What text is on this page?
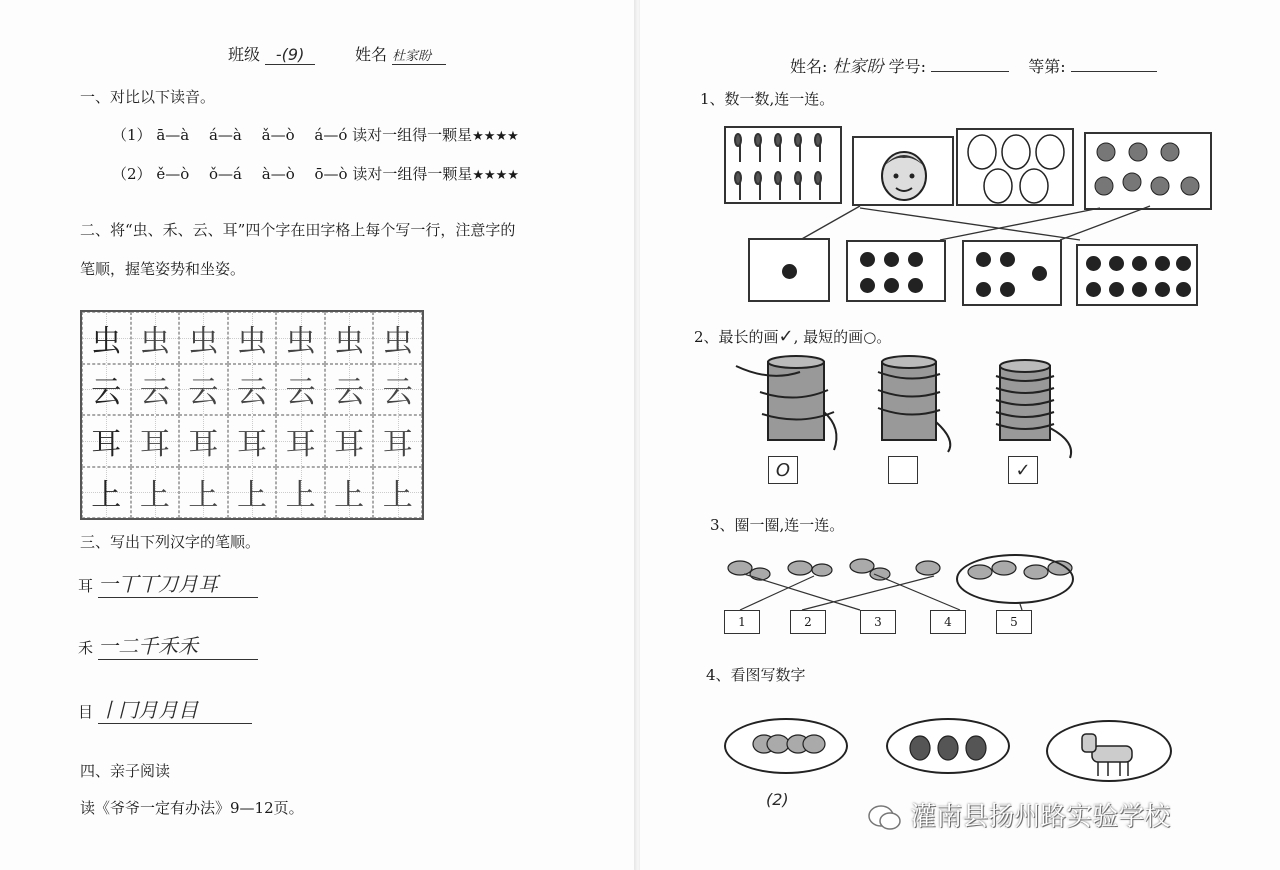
班级 -(9)	姓名 杜家盼
一、对比以下读音。
（1） ā—à　 á—à　 ǎ—ò　 á—ó 读对一组得一颗星★★★★
（2） ě—ò　 ǒ—á　 à—ò　 ō—ò 读对一组得一颗星★★★★
二、将“虫、禾、云、耳”四个字在田字格上每个写一行，注意字的
笔顺，握笔姿势和坐姿。
虫 虫 虫 虫 虫 虫 虫
云 云 云 云 云 云 云
耳 耳 耳 耳 耳 耳 耳
上 上 上 上 上 上 上
三、写出下列汉字的笔顺。
耳 一丅丅刀月耳
禾 一二千禾禾
目 丨冂月月目
四、亲子阅读
读《爷爷一定有办法》9—12页。
姓名: 杜家盼 学号:	等第:
1、数一数,连一连。
2、最长的画✓, 最短的画○。
O	✓
3、圈一圈,连一连。
1	2	3	4	5
4、看图写数字
(2)
灌南县扬州路实验学校
